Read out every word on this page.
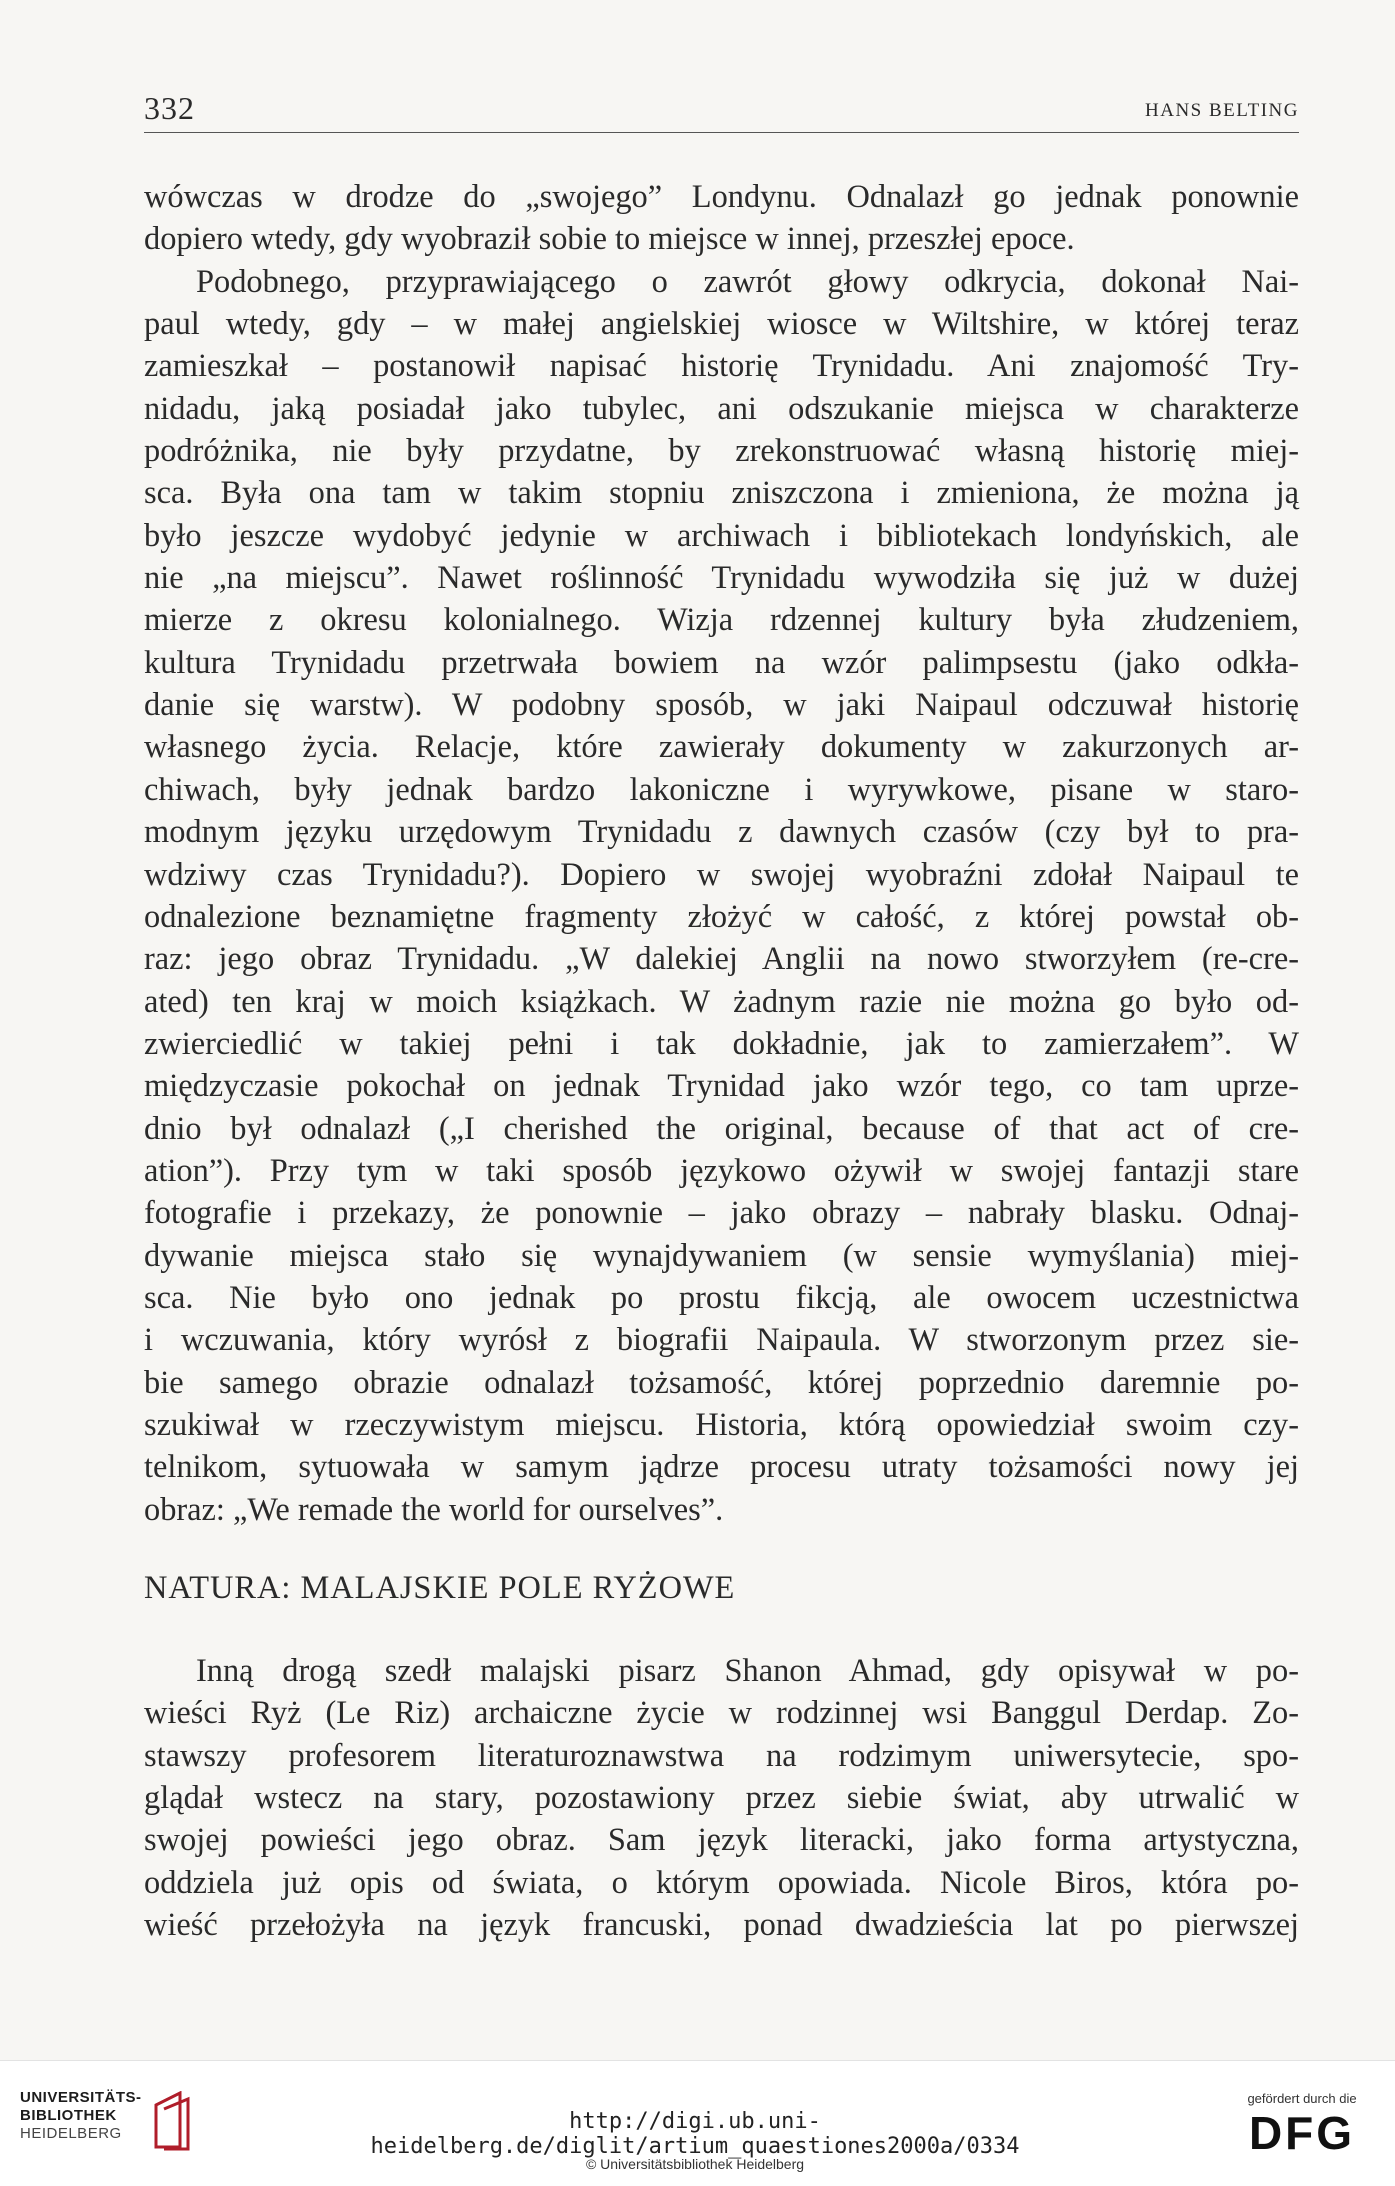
332	HANS BELTING
wówczas w drodze do „swojego” Londynu. Odnalazł go jednak ponownie
dopiero wtedy, gdy wyobraził sobie to miejsce w innej, przeszłej epoce.
Podobnego, przyprawiającego o zawrót głowy odkrycia, dokonał Nai-
paul wtedy, gdy – w małej angielskiej wiosce w Wiltshire, w której teraz
zamieszkał – postanowił napisać historię Trynidadu. Ani znajomość Try-
nidadu, jaką posiadał jako tubylec, ani odszukanie miejsca w charakterze
podróżnika, nie były przydatne, by zrekonstruować własną historię miej-
sca. Była ona tam w takim stopniu zniszczona i zmieniona, że można ją
było jeszcze wydobyć jedynie w archiwach i bibliotekach londyńskich, ale
nie „na miejscu”. Nawet roślinność Trynidadu wywodziła się już w dużej
mierze z okresu kolonialnego. Wizja rdzennej kultury była złudzeniem,
kultura Trynidadu przetrwała bowiem na wzór palimpsestu (jako odkła-
danie się warstw). W podobny sposób, w jaki Naipaul odczuwał historię
własnego życia. Relacje, które zawierały dokumenty w zakurzonych ar-
chiwach, były jednak bardzo lakoniczne i wyrywkowe, pisane w staro-
modnym języku urzędowym Trynidadu z dawnych czasów (czy był to pra-
wdziwy czas Trynidadu?). Dopiero w swojej wyobraźni zdołał Naipaul te
odnalezione beznamiętne fragmenty złożyć w całość, z której powstał ob-
raz: jego obraz Trynidadu. „W dalekiej Anglii na nowo stworzyłem (re-cre-
ated) ten kraj w moich książkach. W żadnym razie nie można go było od-
zwierciedlić w takiej pełni i tak dokładnie, jak to zamierzałem”. W
międzyczasie pokochał on jednak Trynidad jako wzór tego, co tam uprze-
dnio był odnalazł („I cherished the original, because of that act of cre-
ation”). Przy tym w taki sposób językowo ożywił w swojej fantazji stare
fotografie i przekazy, że ponownie – jako obrazy – nabrały blasku. Odnaj-
dywanie miejsca stało się wynajdywaniem (w sensie wymyślania) miej-
sca. Nie było ono jednak po prostu fikcją, ale owocem uczestnictwa
i wczuwania, który wyrósł z biografii Naipaula. W stworzonym przez sie-
bie samego obrazie odnalazł tożsamość, której poprzednio daremnie po-
szukiwał w rzeczywistym miejscu. Historia, którą opowiedział swoim czy-
telnikom, sytuowała w samym jądrze procesu utraty tożsamości nowy jej
obraz: „We remade the world for ourselves”.
NATURA: MALAJSKIE POLE RYŻOWE
Inną drogą szedł malajski pisarz Shanon Ahmad, gdy opisywał w po-
wieści Ryż (Le Riz) archaiczne życie w rodzinnej wsi Banggul Derdap. Zo-
stawszy profesorem literaturoznawstwa na rodzimym uniwersytecie, spo-
glądał wstecz na stary, pozostawiony przez siebie świat, aby utrwalić w
swojej powieści jego obraz. Sam język literacki, jako forma artystyczna,
oddziela już opis od świata, o którym opowiada. Nicole Biros, która po-
wieść przełożyła na język francuski, ponad dwadzieścia lat po pierwszej
UNIVERSITÄTS-
BIBLIOTHEK
HEIDELBERG	http://digi.ub.uni-heidelberg.de/diglit/artium_quaestiones2000a/0334
© Universitätsbibliothek Heidelberg
gefördert durch die
DFG
